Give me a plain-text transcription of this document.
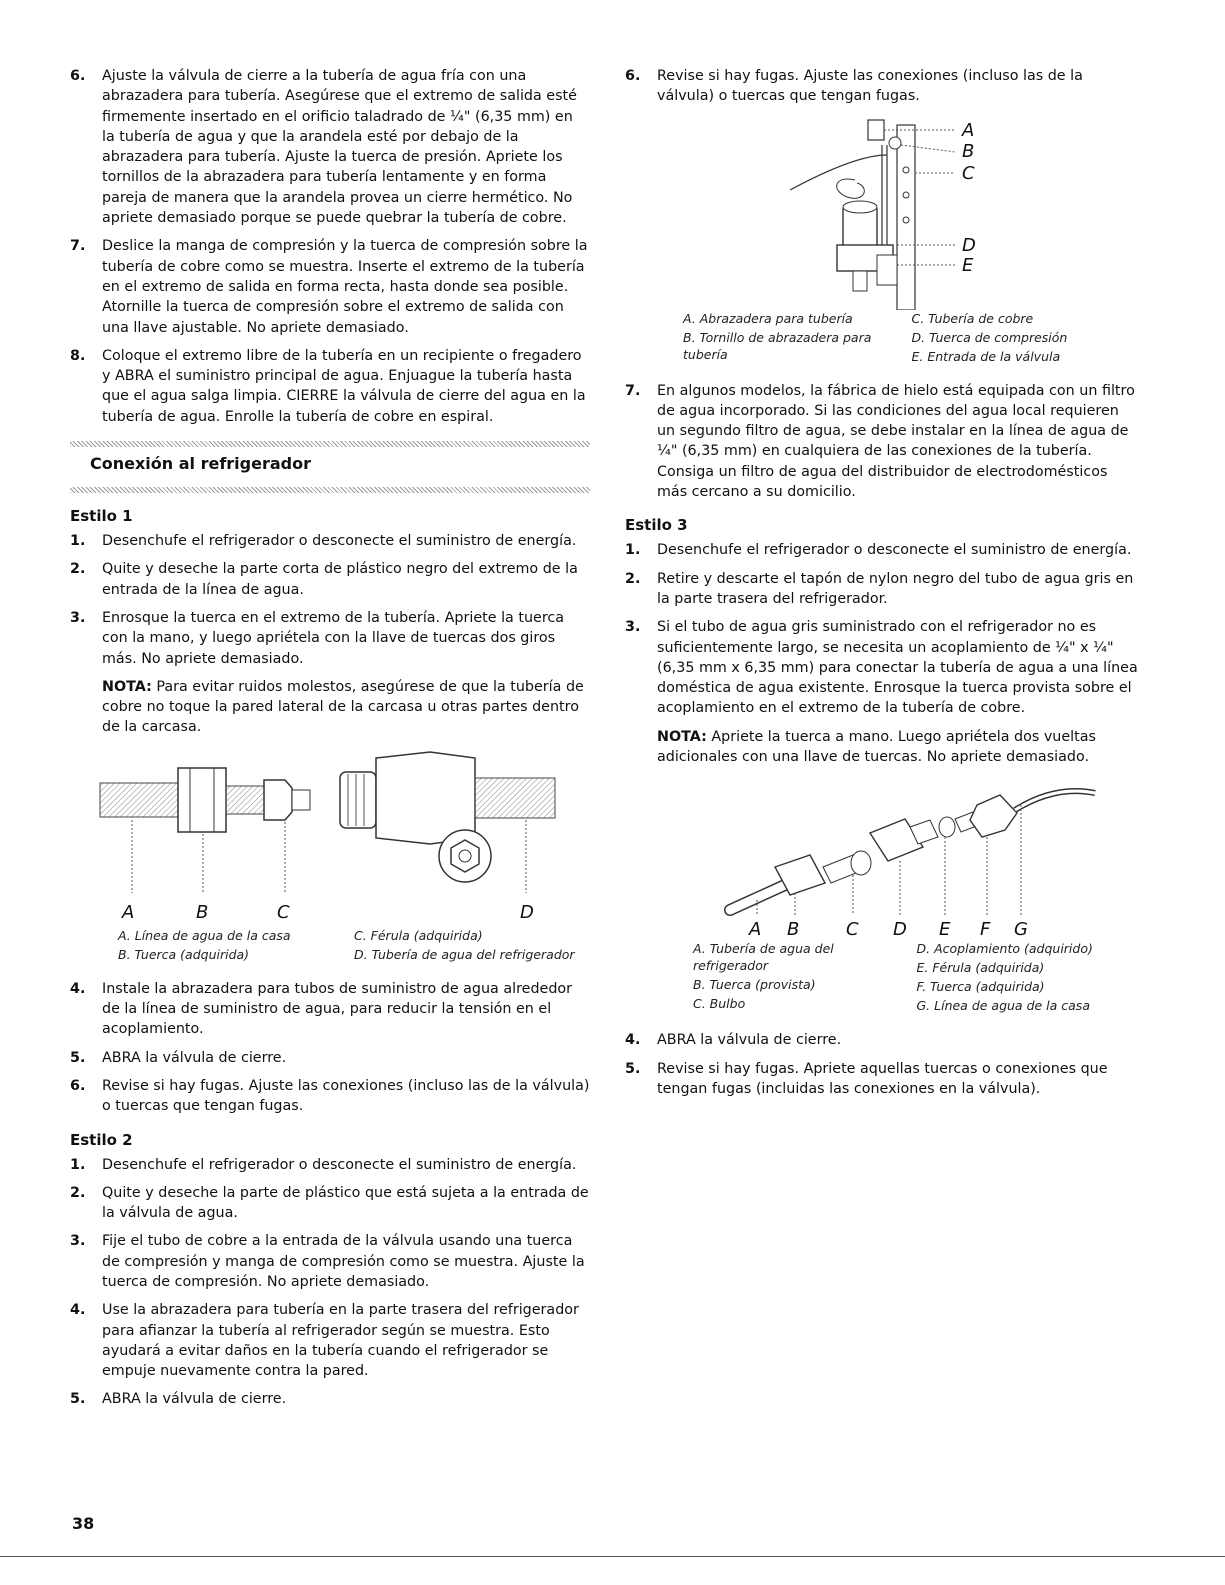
6. Ajuste la válvula de cierre a la tubería de agua fría con una abrazadera para tubería. Asegúrese que el extremo de salida esté firmemente insertado en el orificio taladrado de ¼" (6,35 mm) en la tubería de agua y que la arandela esté por debajo de la abrazadera para tubería. Ajuste la tuerca de presión. Apriete los tornillos de la abrazadera para tubería lentamente y en forma pareja de manera que la arandela provea un cierre hermético. No apriete demasiado porque se puede quebrar la tubería de cobre.
7. Deslice la manga de compresión y la tuerca de compresión sobre la tubería de cobre como se muestra. Inserte el extremo de la tubería en el extremo de salida en forma recta, hasta donde sea posible. Atornille la tuerca de compresión sobre el extremo de salida con una llave ajustable. No apriete demasiado.
8. Coloque el extremo libre de la tubería en un recipiente o fregadero y ABRA el suministro principal de agua. Enjuague la tubería hasta que el agua salga limpia. CIERRE la válvula de cierre del agua en la tubería de agua. Enrolle la tubería de cobre en espiral.
Conexión al refrigerador
Estilo 1
1. Desenchufe el refrigerador o desconecte el suministro de energía.
2. Quite y deseche la parte corta de plástico negro del extremo de la entrada de la línea de agua.
3. Enrosque la tuerca en el extremo de la tubería. Apriete la tuerca con la mano, y luego apriétela con la llave de tuercas dos giros más. No apriete demasiado.
NOTA: Para evitar ruidos molestos, asegúrese de que la tubería de cobre no toque la pared lateral de la carcasa u otras partes dentro de la carcasa.
A	B	C	D

A. Línea de agua de la casa

B. Tuerca (adquirida)

C. Férula (adquirida)

D. Tubería de agua del refrigerador

4. Instale la abrazadera para tubos de suministro de agua alrededor de la línea de suministro de agua, para reducir la tensión en el acoplamiento.
5. ABRA la válvula de cierre.
6. Revise si hay fugas. Ajuste las conexiones (incluso las de la válvula) o tuercas que tengan fugas.
Estilo 2
1. Desenchufe el refrigerador o desconecte el suministro de energía.
2. Quite y deseche la parte de plástico que está sujeta a la entrada de la válvula de agua.
3. Fije el tubo de cobre a la entrada de la válvula usando una tuerca de compresión y manga de compresión como se muestra. Ajuste la tuerca de compresión. No apriete demasiado.
4. Use la abrazadera para tubería en la parte trasera del refrigerador para afianzar la tubería al refrigerador según se muestra. Esto ayudará a evitar daños en la tubería cuando el refrigerador se empuje nuevamente contra la pared.
5. ABRA la válvula de cierre.
6. Revise si hay fugas. Ajuste las conexiones (incluso las de la válvula) o tuercas que tengan fugas.
A
B
C
D
E

A. Abrazadera para tubería

B. Tornillo de abrazadera para tubería

C. Tubería de cobre

D. Tuerca de compresión

E. Entrada de la válvula

7. En algunos modelos, la fábrica de hielo está equipada con un filtro de agua incorporado. Si las condiciones del agua local requieren un segundo filtro de agua, se debe instalar en la línea de agua de ¼" (6,35 mm) en cualquiera de las conexiones de la tubería. Consiga un filtro de agua del distribuidor de electrodomésticos más cercano a su domicilio.
Estilo 3
1. Desenchufe el refrigerador o desconecte el suministro de energía.
2. Retire y descarte el tapón de nylon negro del tubo de agua gris en la parte trasera del refrigerador.
3. Si el tubo de agua gris suministrado con el refrigerador no es suficientemente largo, se necesita un acoplamiento de ¼" x ¼" (6,35 mm x 6,35 mm) para conectar la tubería de agua a una línea doméstica de agua existente. Enrosque la tuerca provista sobre el acoplamiento en el extremo de la tubería de cobre.
NOTA: Apriete la tuerca a mano. Luego apriétela dos vueltas adicionales con una llave de tuercas. No apriete demasiado.
A B	C D E F G

A. Tubería de agua del refrigerador

B. Tuerca (provista)

C. Bulbo

D. Acoplamiento (adquirido)

E. Férula (adquirida)

F. Tuerca (adquirida)

G. Línea de agua de la casa

4. ABRA la válvula de cierre.
5. Revise si hay fugas. Apriete aquellas tuercas o conexiones que tengan fugas (incluidas las conexiones en la válvula).
38
